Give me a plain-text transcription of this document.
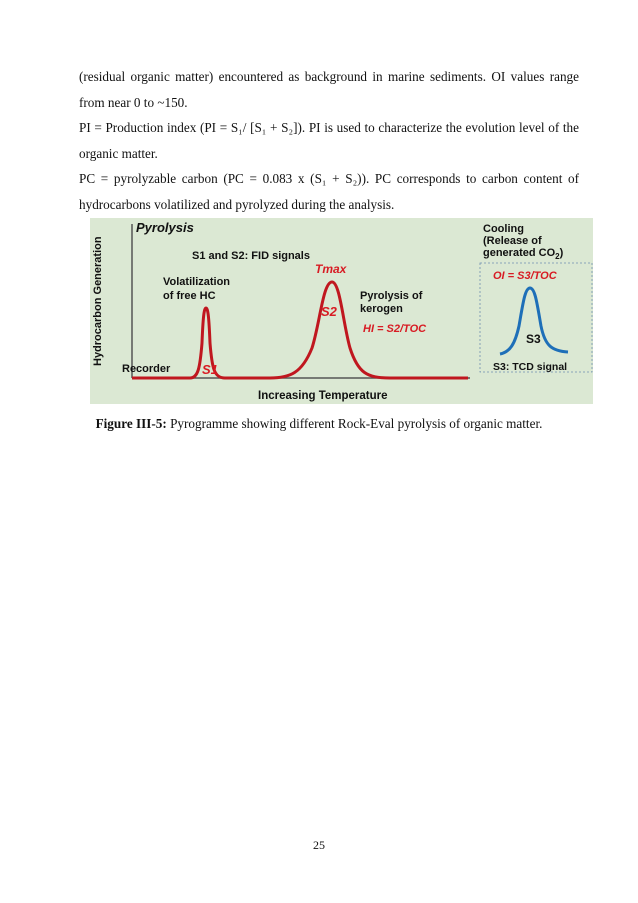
(residual organic matter) encountered as background in marine sediments. OI values range from near 0 to ~150.
PI = Production index (PI = S₁/ [S₁ + S₂]). PI is used to characterize the evolution level of the organic matter.
PC = pyrolyzable carbon (PC = 0.083 x (S₁ + S₂)). PC corresponds to carbon content of hydrocarbons volatilized and pyrolyzed during the analysis.
Hydrocarbon Generation
Pyrolysis
S1 and S2: FID signals
Volatilization
of free HC
Tmax
Pyrolysis of
kerogen
HI = S2/TOC
S1
S2
Recorder
Increasing Temperature
Cooling
(Release of
generated $CO_2$)
OI = S3/TOC
S3
S3: TCD signal
Figure III-5: Pyrogramme showing different Rock-Eval pyrolysis of organic matter.
25
